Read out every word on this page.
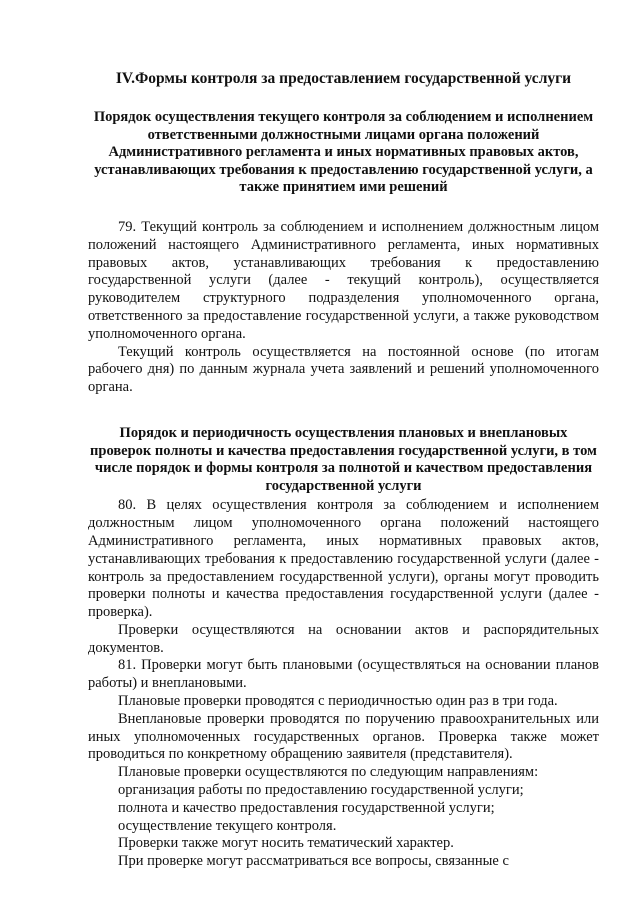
IV.Формы контроля за предоставлением государственной услуги
Порядок осуществления текущего контроля за соблюдением и исполнением ответственными должностными лицами органа положений Административного регламента и иных нормативных правовых актов, устанавливающих требования к предоставлению государственной услуги, а также принятием ими решений

79. Текущий контроль за соблюдением и исполнением должностным лицом положений настоящего Административного регламента, иных нормативных правовых актов, устанавливающих требования к предоставлению государственной услуги (далее - текущий контроль), осуществляется руководителем структурного подразделения уполномоченного органа, ответственного за предоставление государственной услуги, а также руководством уполномоченного органа.

Текущий контроль осуществляется на постоянной основе (по итогам рабочего дня) по данным журнала учета заявлений и решений уполномоченного органа.

Порядок и периодичность осуществления плановых и внеплановых проверок полноты и качества предоставления государственной услуги, в том числе порядок и формы контроля за полнотой и качеством предоставления государственной услуги

80. В целях осуществления контроля за соблюдением и исполнением должностным лицом уполномоченного органа положений настоящего Административного регламента, иных нормативных правовых актов, устанавливающих требования к предоставлению государственной услуги (далее - контроль за предоставлением государственной услуги), органы могут проводить проверки полноты и качества предоставления государственной услуги (далее - проверка).

Проверки осуществляются на основании актов и распорядительных документов.

81. Проверки могут быть плановыми (осуществляться на основании планов работы) и внеплановыми.

Плановые проверки проводятся с периодичностью один раз в три года.

Внеплановые проверки проводятся по поручению правоохранительных или иных уполномоченных государственных органов. Проверка также может проводиться по конкретному обращению заявителя (представителя).

Плановые проверки осуществляются по следующим направлениям:

организация работы по предоставлению государственной услуги;

полнота и качество предоставления государственной услуги;

осуществление текущего контроля.

Проверки также могут носить тематический характер.

При проверке могут рассматриваться все вопросы, связанные с
